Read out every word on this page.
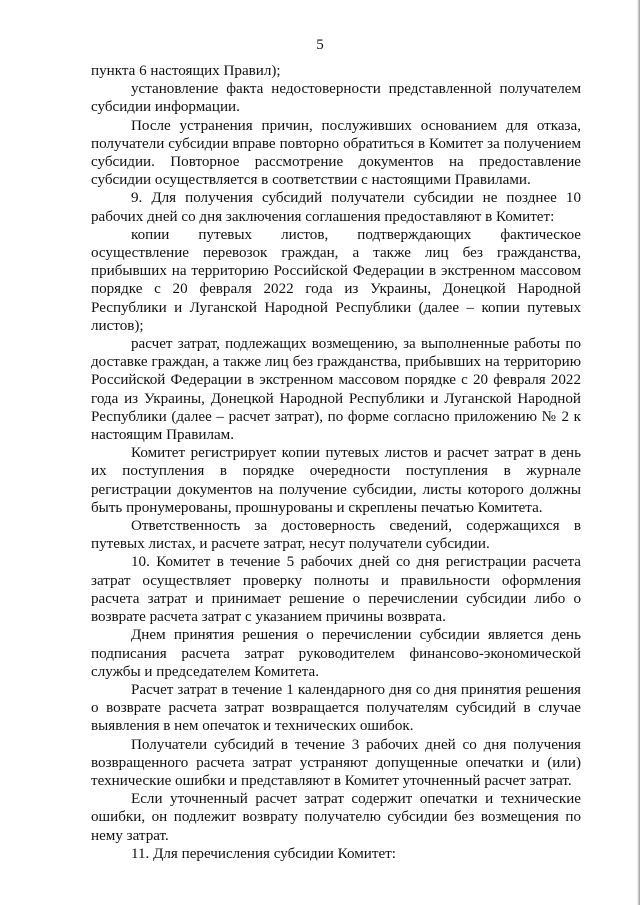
5

пункта 6 настоящих Правил);

установление факта недостоверности представленной получателем субсидии информации.

После устранения причин, послуживших основанием для отказа, получатели субсидии вправе повторно обратиться в Комитет за получением субсидии. Повторное рассмотрение документов на предоставление субсидии осуществляется в соответствии с настоящими Правилами.

9. Для получения субсидий получатели субсидии не позднее 10 рабочих дней со дня заключения соглашения предоставляют в Комитет:

копии путевых листов, подтверждающих фактическое осуществление перевозок граждан, а также лиц без гражданства, прибывших на территорию Российской Федерации в экстренном массовом порядке с 20 февраля 2022 года из Украины, Донецкой Народной Республики и Луганской Народной Республики (далее – копии путевых листов);

расчет затрат, подлежащих возмещению, за выполненные работы по доставке граждан, а также лиц без гражданства, прибывших на территорию Российской Федерации в экстренном массовом порядке с 20 февраля 2022 года из Украины, Донецкой Народной Республики и Луганской Народной Республики (далее – расчет затрат), по форме согласно приложению № 2 к настоящим Правилам.

Комитет регистрирует копии путевых листов и расчет затрат в день их поступления в порядке очередности поступления в журнале регистрации документов на получение субсидии, листы которого должны быть пронумерованы, прошнурованы и скреплены печатью Комитета.

Ответственность за достоверность сведений, содержащихся в путевых листах, и расчете затрат, несут получатели субсидии.

10. Комитет в течение 5 рабочих дней со дня регистрации расчета затрат осуществляет проверку полноты и правильности оформления расчета затрат и принимает решение о перечислении субсидии либо о возврате расчета затрат с указанием причины возврата.

Днем принятия решения о перечислении субсидии является день подписания расчета затрат руководителем финансово-экономической службы и председателем Комитета.

Расчет затрат в течение 1 календарного дня со дня принятия решения о возврате расчета затрат возвращается получателям субсидий в случае выявления в нем опечаток и технических ошибок.

Получатели субсидий в течение 3 рабочих дней со дня получения возвращенного расчета затрат устраняют допущенные опечатки и (или) технические ошибки и представляют в Комитет уточненный расчет затрат.

Если уточненный расчет затрат содержит опечатки и технические ошибки, он подлежит возврату получателю субсидии без возмещения по нему затрат.

11. Для перечисления субсидии Комитет:
